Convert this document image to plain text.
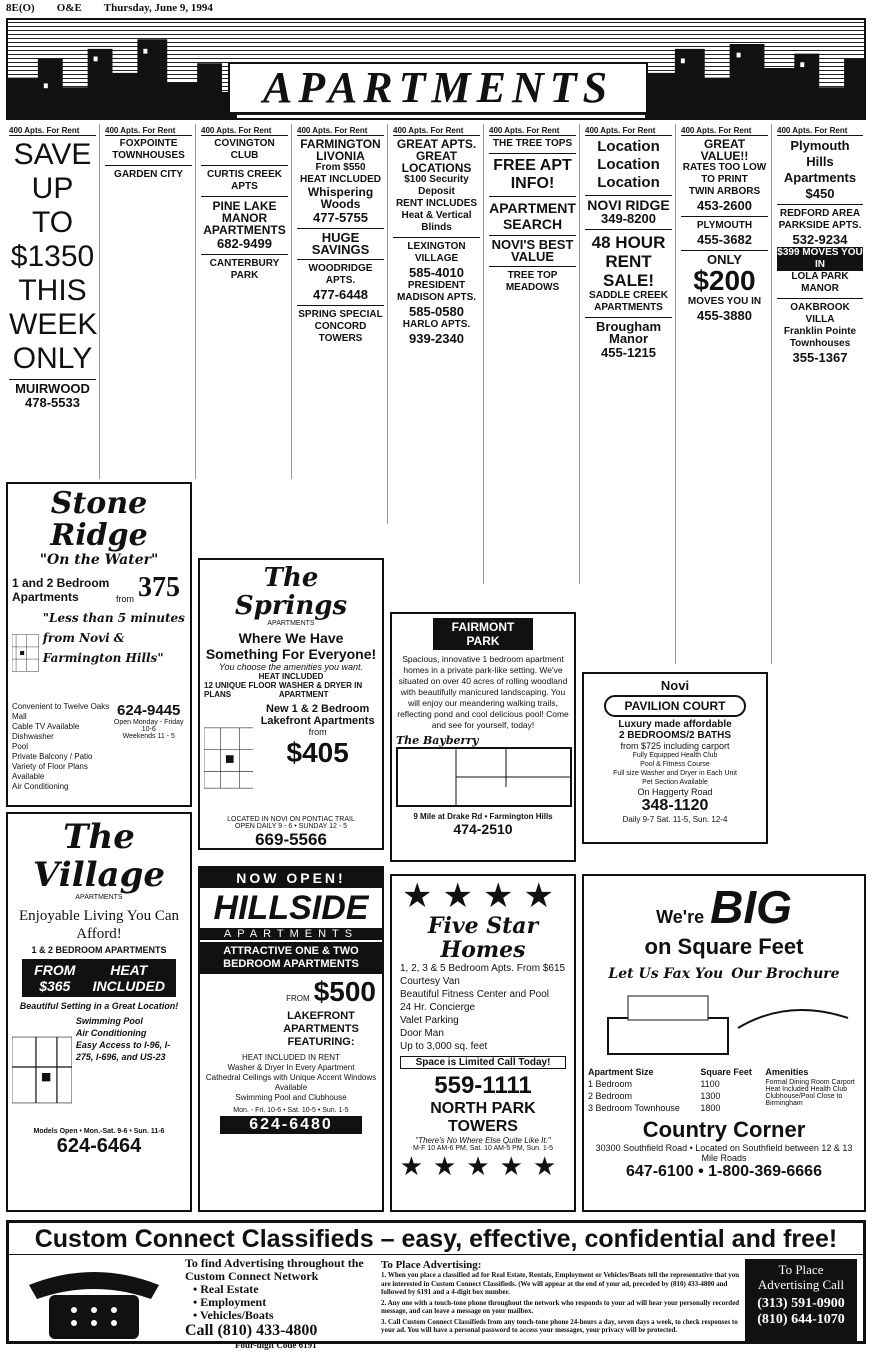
8E(O) O&E Thursday, June 9, 1994
APARTMENTS
400 Apts. For Rent
SAVE
UP TO
$1350
THIS
WEEK
ONLY
MUIRWOOD
478-5533
400 Apts. For Rent
FOXPOINTE TOWNHOUSES
GARDEN CITY
400 Apts. For Rent
COVINGTON CLUB
CURTIS CREEK APTS
PINE LAKE MANOR APARTMENTS
682-9499
CANTERBURY PARK
400 Apts. For Rent
FARMINGTON LIVONIA
From $550
HEAT INCLUDED
Whispering Woods
477-5755
HUGE SAVINGS
WOODRIDGE APTS.
477-6448
SPRING SPECIAL CONCORD TOWERS
400 Apts. For Rent
GREAT APTS. GREAT LOCATIONS
$100 Security Deposit
RENT INCLUDES Heat & Vertical Blinds
LEXINGTON VILLAGE
585-4010
PRESIDENT MADISON APTS.
585-0580
HARLO APTS.
939-2340
400 Apts. For Rent
THE TREE TOPS
FREE APT INFO!
APARTMENT SEARCH
NOVI'S BEST VALUE
TREE TOP MEADOWS
400 Apts. For Rent
Location Location Location
NOVI RIDGE
349-8200
48 HOUR RENT SALE!
SADDLE CREEK APARTMENTS
Brougham Manor
455-1215
400 Apts. For Rent
GREAT VALUE!!
RATES TOO LOW TO PRINT
TWIN ARBORS
453-2600
PLYMOUTH
455-3682
ONLY
$200
MOVES YOU IN
455-3880
400 Apts. For Rent
Plymouth Hills Apartments
$450
REDFORD AREA
PARKSIDE APTS.
532-9234
$399 MOVES YOU IN
LOLA PARK MANOR
OAKBROOK VILLA
Franklin Pointe Townhouses
355-1367
Stone Ridge
"On the Water"
1 and 2 Bedroom Apartments	from 375
"Less than 5 minutes from Novi & Farmington Hills"
Convenient to Twelve Oaks Mall
Cable TV Available
Dishwasher
Pool
Private Balcony / Patio
Variety of Floor Plans Available
Air Conditioning
624-9445
Open Monday - Friday 10-6
Weekends 11 - 5
The Springs
APARTMENTS
Where We Have Something For Everyone!
You choose the amenities you want.
HEAT INCLUDED
12 UNIQUE FLOOR PLANS
WASHER & DRYER IN APARTMENT
New 1 & 2 Bedroom Lakefront Apartments
from
$405
LOCATED IN NOVI ON PONTIAC TRAIL
OPEN DAILY 9 - 6 • SUNDAY 12 - 5
669-5566
FAIRMONT PARK
Spacious, innovative 1 bedroom apartment homes in a private park-like setting. We've situated on over 40 acres of rolling woodland with beautifully manicured landscaping. You will enjoy our meandering walking trails, reflecting pond and cool delicious pool! Come and see for yourself, today!
The Bayberry
9 Mile at Drake Rd • Farmington Hills
474-2510
Novi
PAVILION COURT
Luxury made affordable
2 BEDROOMS/2 BATHS
from $725 including carport
Fully Equipped Health Club
Pool & Fitness Course
Full size Washer and Dryer in Each Unit
Pet Section Available
On Haggerty Road
348-1120
Daily 9-7 Sat. 11-5, Sun. 12-4
The Village
APARTMENTS
Enjoyable Living You Can Afford!
1 & 2 BEDROOM APARTMENTS
FROM $365
HEAT INCLUDED
Beautiful Setting in a Great Location!
Swimming Pool
Air Conditioning
Easy Access to I-96, I-275, I-696, and US-23
Models Open • Mon.-Sat. 9-6 • Sun. 11-6
624-6464
NOW OPEN!
HILLSIDE
APARTMENTS
ATTRACTIVE ONE & TWO BEDROOM APARTMENTS
FROM $500
LAKEFRONT APARTMENTS FEATURING:
HEAT INCLUDED IN RENT
Washer & Dryer In Every Apartment
Cathedral Ceilings with Unique Accent Windows Available
Swimming Pool and Clubhouse
Mon. - Fri. 10-6 • Sat. 10-5 • Sun. 1-5
624-6480
★★★★
Five Star Homes
1, 2, 3 & 5 Bedroom Apts. From $615
Courtesy Van
Beautiful Fitness Center and Pool
24 Hr. Concierge
Valet Parking
Door Man
Up to 3,000 sq. feet
Space is Limited Call Today!
559-1111
NORTH PARK TOWERS
"There's No Where Else Quite Like It."
M-F 10 AM-6 PM, Sat. 10 AM-5 PM, Sun. 1-5
★★★★★
We're BIG
on Square Feet
Let Us Fax You Our Brochure
Apartment Size	Square Feet	Amenities
1 Bedroom	1100	Formal Dining Room Carport Heat Included Health Club Clubhouse/Pool Close to Birmingham
2 Bedroom	1300
3 Bedroom Townhouse	1800
Country Corner
30300 Southfield Road • Located on Southfield between 12 & 13 Mile Roads
647-6100 • 1-800-369-6666
Custom Connect Classifieds – easy, effective, confidential and free!
To find Advertising throughout the Custom Connect Network
• Real Estate
• Employment
• Vehicles/Boats
Call (810) 433-4800
Four-digit Code 6191
To Place Advertising:
1. When you place a classified ad for Real Estate, Rentals, Employment or Vehicles/Boats tell the representative that you are interested in Custom Connect Classifieds. (We will appear at the end of your ad, preceded by (810) 433-4800 and followed by 6191 and a 4-digit box number.
2. Any one with a touch-tone phone throughout the network who responds to your ad will hear your personally recorded message, and can leave a message on your mailbox.
3. Call Custom Connect Classifieds from any touch-tone phone 24-hours a day, seven days a week, to check responses to your ad. You will have a personal password to access your messages, your privacy will be protected.
To Place Advertising Call
(313) 591-0900
(810) 644-1070
